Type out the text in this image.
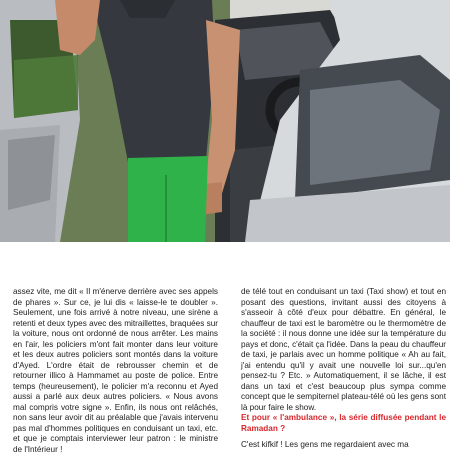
assez vite, me dit « Il m'énerve derrière avec ses appels de phares ». Sur ce, je lui dis « laisse-le te doubler ». Seulement, une fois arrivé à notre niveau, une sirène a retenti et deux types avec des mitraillettes, braquées sur la voiture, nous ont ordonné de nous arrêter. Les mains en l'air, les policiers m'ont fait monter dans leur voiture et les deux autres policiers sont montés dans la voiture d'Ayed. L'ordre était de rebrousser chemin et de retourner illico à Hammamet au poste de police. Entre temps (heureusement), le policier m'a reconnu et Ayed aussi a parlé aux deux autres policiers. « Nous avons mal compris votre signe ». Enfin, ils nous ont relâchés, non sans leur avoir dit au préalable que j'avais intervenu pas mal d'hommes politiques en conduisant un taxi, etc. et que je comptais interviewer leur patron : le ministre de l'Intérieur !

de télé tout en conduisant un taxi (Taxi show) et tout en posant des questions, invitant aussi des citoyens à s'asseoir à côté d'eux pour débattre. En général, le chauffeur de taxi est le baromètre ou le thermomètre de la société : il nous donne une idée sur la température du pays et donc, c'était ça l'idée. Dans la peau du chauffeur de taxi, je parlais avec un homme politique « Ah au fait, j'ai entendu qu'il y avait une nouvelle loi sur...qu'en pensez-tu ? Etc. » Automatiquement, il se lâche, il est dans un taxi et c'est beaucoup plus sympa comme concept que le sempiternel plateau-télé où les gens sont là pour faire le show.

Et pour « l'ambulance », la série diffusée pendant le Ramadan ?

C'est kifkif ! Les gens me regardaient avec ma
